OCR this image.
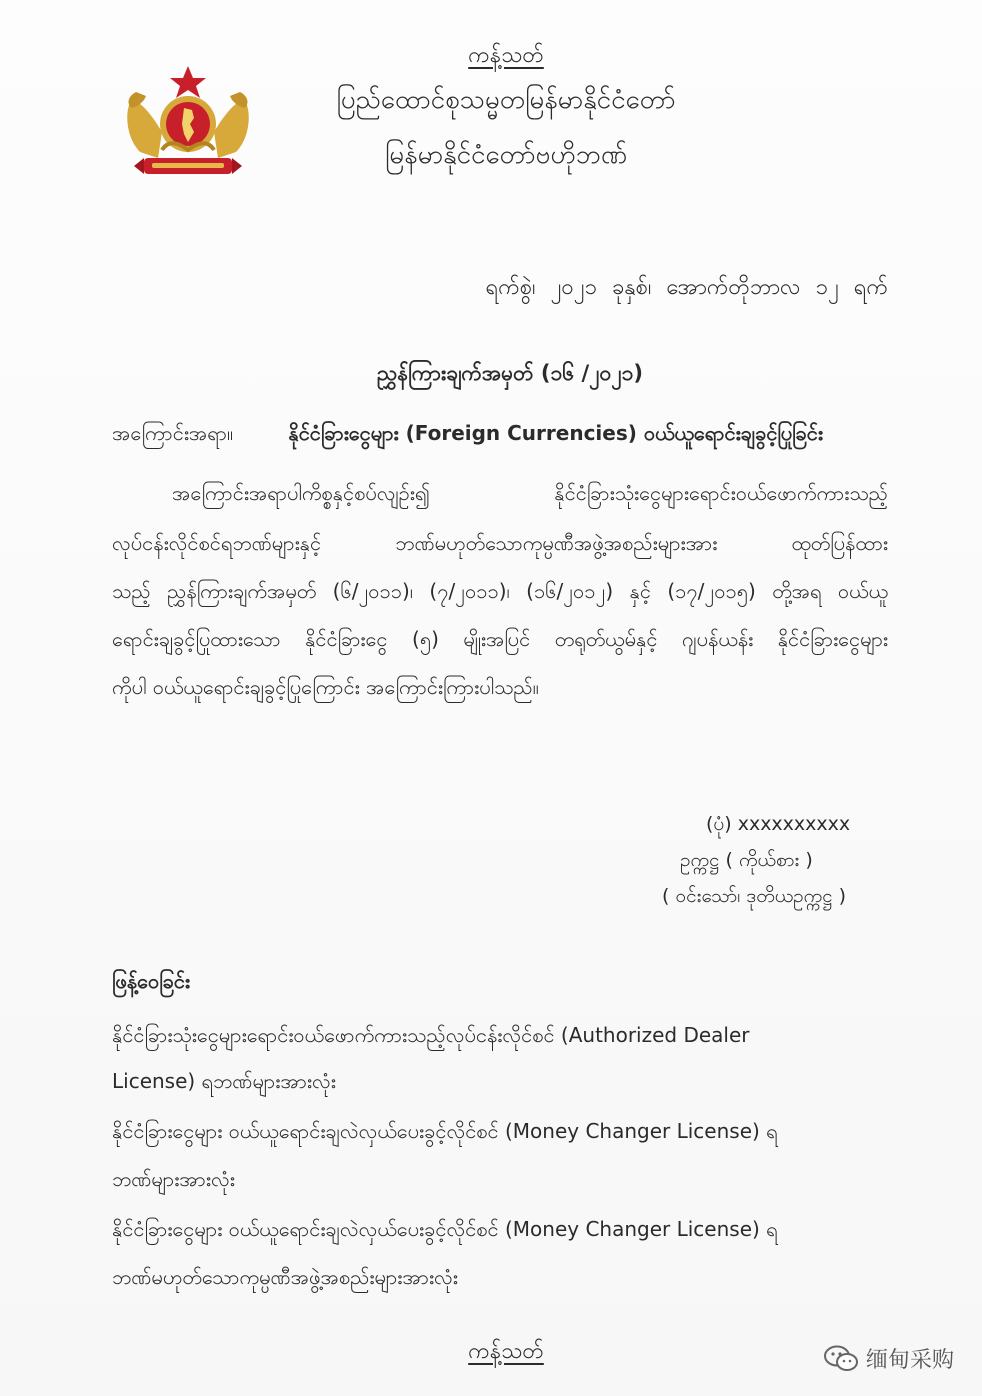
ကန့်သတ်
ပြည်ထောင်စုသမ္မတမြန်မာနိုင်ငံတော်
မြန်မာနိုင်ငံတော်ဗဟိုဘဏ်
ရက်စွဲ၊ ၂၀၂၁ ခုနှစ်၊ အောက်တိုဘာလ ၁၂ ရက်
ညွှန်ကြားချက်အမှတ် (၁၆ /၂၀၂၁)
အကြောင်းအရာ။	နိုင်ငံခြားငွေများ (Foreign Currencies) ဝယ်ယူရောင်းချခွင့်ပြုခြင်း
အကြောင်းအရာပါကိစ္စနှင့်စပ်လျဉ်း၍ နိုင်ငံခြားသုံးငွေများရောင်းဝယ်ဖောက်ကားသည့်
လုပ်ငန်းလိုင်စင်ရဘဏ်များနှင့် ဘဏ်မဟုတ်သောကုမ္ပဏီအဖွဲ့အစည်းများအား ထုတ်ပြန်ထား
သည့် ညွှန်ကြားချက်အမှတ် (၆/၂၀၁၁)၊ (၇/၂၀၁၁)၊ (၁၆/၂၀၁၂) နှင့် (၁၇/၂၀၁၅) တို့အရ ဝယ်ယူ
ရောင်းချခွင့်ပြုထားသော နိုင်ငံခြားငွေ (၅) မျိုးအပြင် တရုတ်ယွမ်နှင့် ဂျပန်ယန်း နိုင်ငံခြားငွေများ
ကိုပါ ဝယ်ယူရောင်းချခွင့်ပြုကြောင်း အကြောင်းကြားပါသည်။
(ပုံ) xxxxxxxxxx
ဥက္ကဋ္ဌ ( ကိုယ်စား )
( ဝင်းသော်၊ ဒုတိယဥက္ကဋ္ဌ )
ဖြန့်ဝေခြင်း
နိုင်ငံခြားသုံးငွေများရောင်းဝယ်ဖောက်ကားသည့်လုပ်ငန်းလိုင်စင် (Authorized Dealer
License) ရဘဏ်များအားလုံး
နိုင်ငံခြားငွေများ ဝယ်ယူရောင်းချလဲလှယ်ပေးခွင့်လိုင်စင် (Money Changer License) ရ
ဘဏ်များအားလုံး
နိုင်ငံခြားငွေများ ဝယ်ယူရောင်းချလဲလှယ်ပေးခွင့်လိုင်စင် (Money Changer License) ရ
ဘဏ်မဟုတ်သောကုမ္ပဏီအဖွဲ့အစည်းများအားလုံး
ကန့်သတ်	缅甸采购
